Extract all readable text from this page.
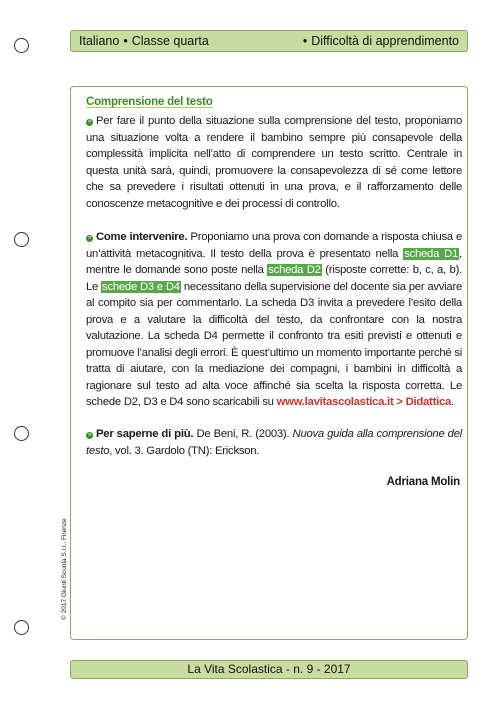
Italiano • Classe quarta	• Difficoltà di apprendimento
Comprensione del testo

» Per fare il punto della situazione sulla comprensione del testo, proponiamo una situazione volta a rendere il bambino sempre più consapevole della complessità implicita nell’atto di comprendere un testo scritto. Centrale in questa unità sarà, quindi, promuovere la consapevolezza di sé come lettore che sa prevedere i risultati ottenuti in una prova, e il rafforzamento delle conoscenze metacognitive e dei processi di controllo.

» Come intervenire. Proponiamo una prova con domande a risposta chiusa e un’attività metacognitiva. Il testo della prova è presentato nella scheda D1, mentre le domande sono poste nella scheda D2 (risposte corrette: b, c, a, b). Le schede D3 e D4 necessitano della supervisione del docente sia per avviare al compito sia per commentarlo. La scheda D3 invita a prevedere l’esito della prova e a valutare la difficoltà del testo, da confrontare con la nostra valutazione. La scheda D4 permette il confronto tra esiti previsti e ottenuti e promuove l’analisi degli errori. È quest’ultimo un momento importante perché si tratta di aiutare, con la mediazione dei compagni, i bambini in difficoltà a ragionare sul testo ad alta voce affinché sia scelta la risposta corretta. Le schede D2, D3 e D4 sono scaricabili su www.lavitascolastica.it > Didattica.

» Per saperne di più. De Beni, R. (2003). Nuova guida alla comprensione del testo, vol. 3. Gardolo (TN): Erickson.

Adriana Molin
© 2017 Giunti Scuola S.r.l., Firenze
La Vita Scolastica - n. 9 - 2017
